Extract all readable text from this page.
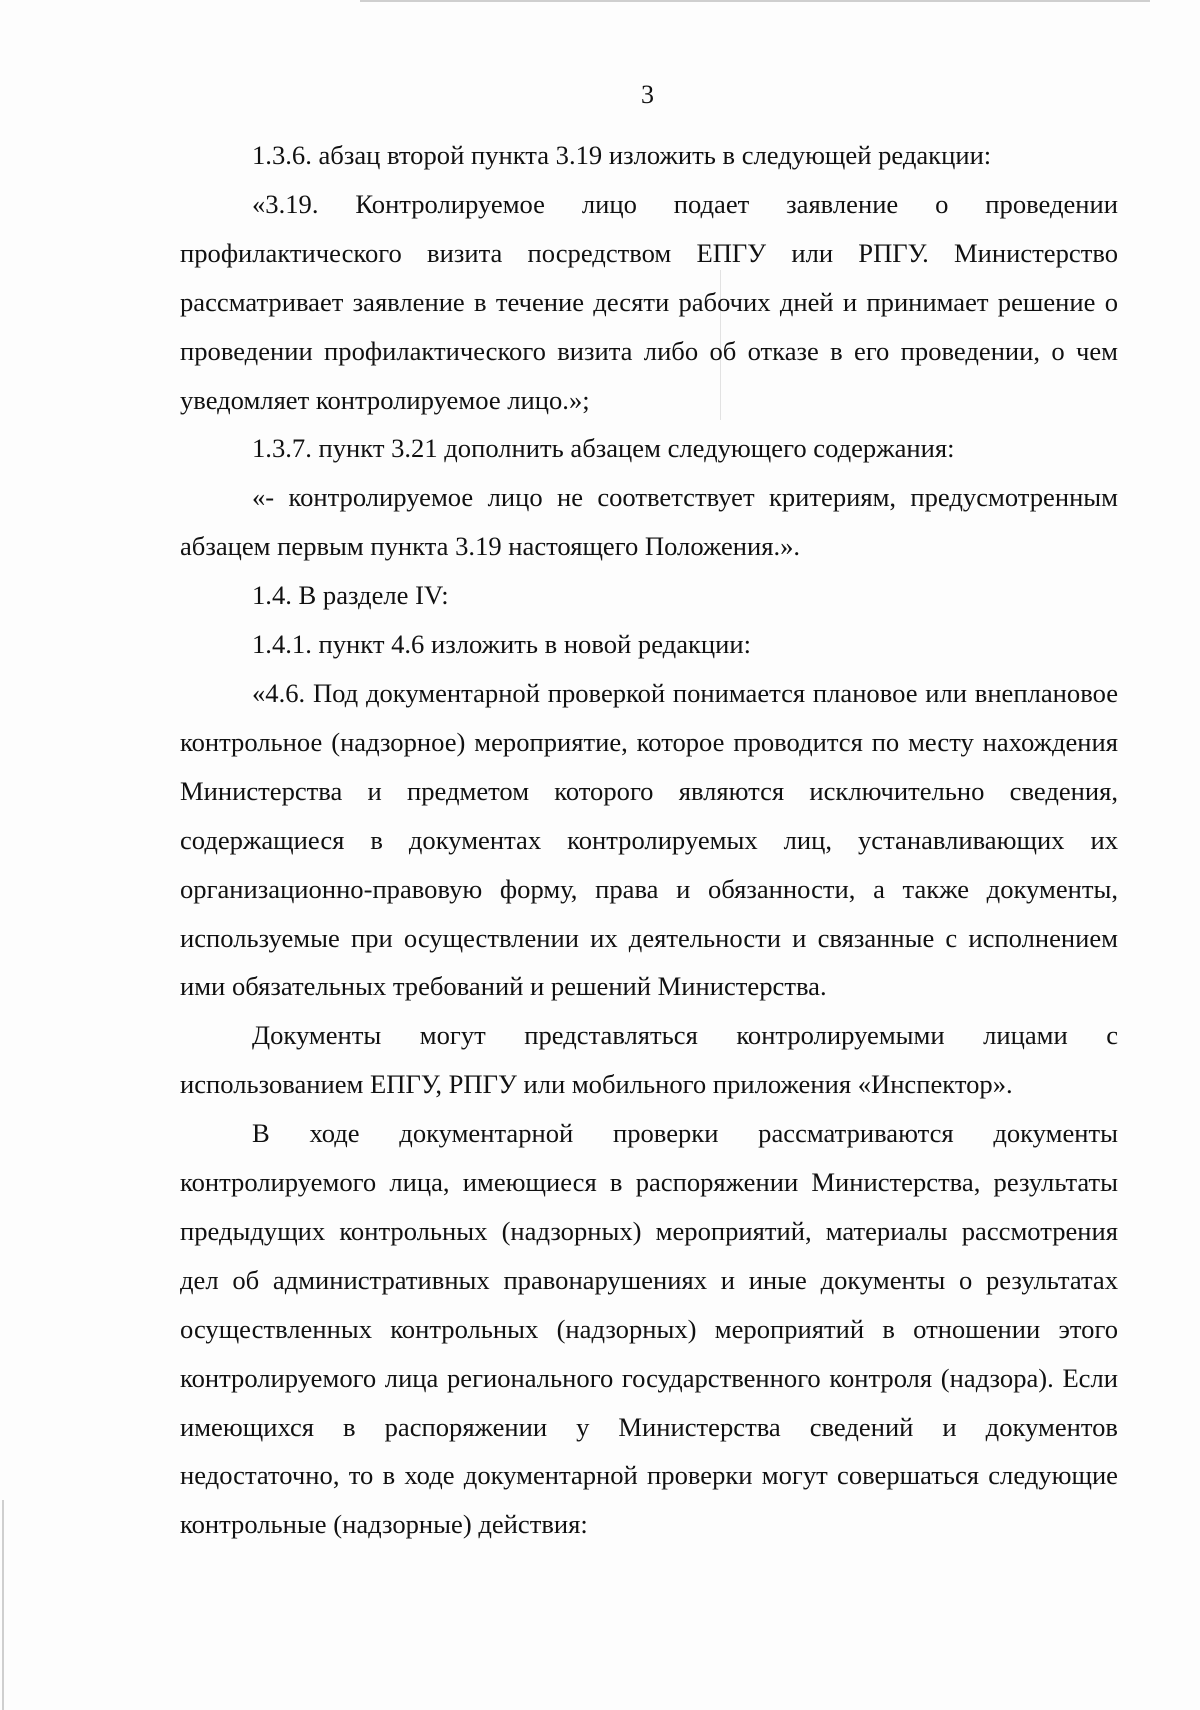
3

1.3.6. абзац второй пункта 3.19 изложить в следующей редакции:

«3.19. Контролируемое лицо подает заявление о проведении профилактического визита посредством ЕПГУ или РПГУ. Министерство рассматривает заявление в течение десяти рабочих дней и принимает решение о проведении профилактического визита либо об отказе в его проведении, о чем уведомляет контролируемое лицо.»;

1.3.7. пункт 3.21 дополнить абзацем следующего содержания:

«- контролируемое лицо не соответствует критериям, предусмотренным абзацем первым пункта 3.19 настоящего Положения.».

1.4. В разделе IV:

1.4.1. пункт 4.6 изложить в новой редакции:

«4.6. Под документарной проверкой понимается плановое или внеплановое контрольное (надзорное) мероприятие, которое проводится по месту нахождения Министерства и предметом которого являются исключительно сведения, содержащиеся в документах контролируемых лиц, устанавливающих их организационно-правовую форму, права и обязанности, а также документы, используемые при осуществлении их деятельности и связанные с исполнением ими обязательных требований и решений Министерства.

Документы могут представляться контролируемыми лицами с использованием ЕПГУ, РПГУ или мобильного приложения «Инспектор».

В ходе документарной проверки рассматриваются документы контролируемого лица, имеющиеся в распоряжении Министерства, результаты предыдущих контрольных (надзорных) мероприятий, материалы рассмотрения дел об административных правонарушениях и иные документы о результатах осуществленных контрольных (надзорных) мероприятий в отношении этого контролируемого лица регионального государственного контроля (надзора). Если имеющихся в распоряжении у Министерства сведений и документов недостаточно, то в ходе документарной проверки могут совершаться следующие контрольные (надзорные) действия:
